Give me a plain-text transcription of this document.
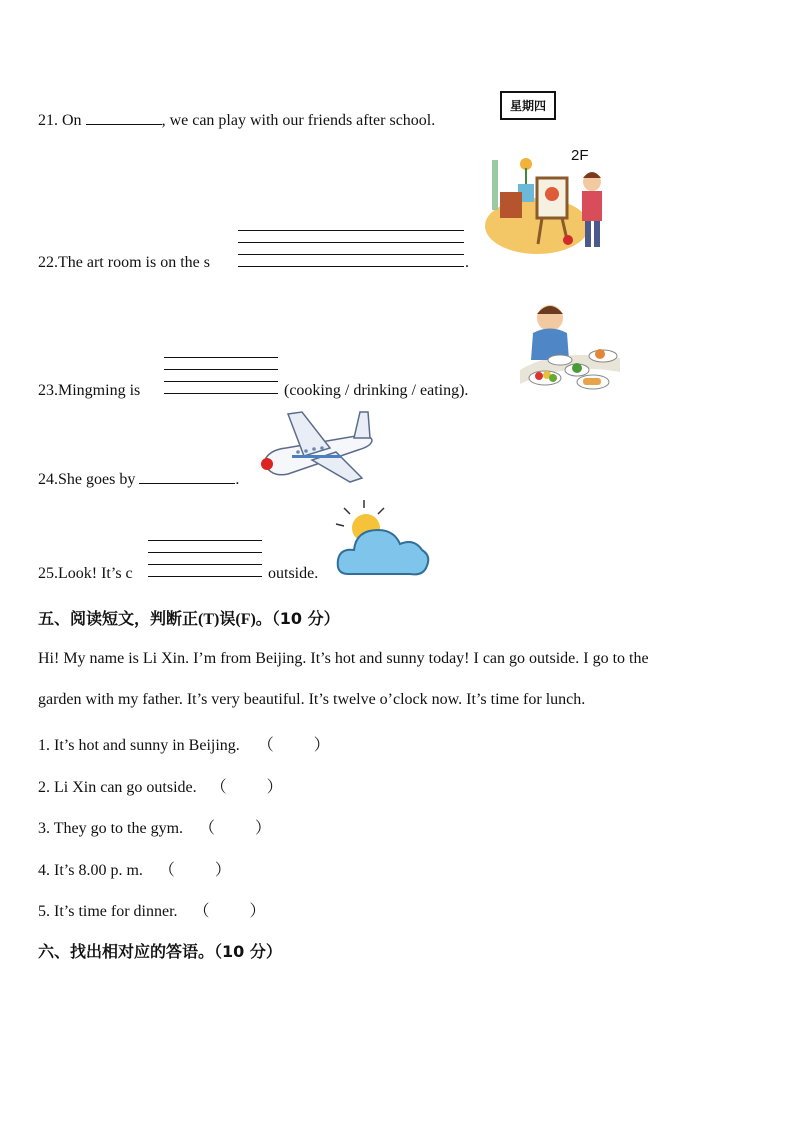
21. On	, we can play with our friends after school.
星期四
2F
22.The art room is on the s	.
23.Mingming is	(cooking / drinking / eating).
24.She goes by	.
25.Look! It’s c	outside.
五、阅读短文，判断正(T)误(F)。（10 分）
Hi! My name is Li Xin. I’m from Beijing. It’s hot and sunny today! I can go outside. I go to the
garden with my father. It’s very beautiful. It’s twelve o’clock now. It’s time for lunch.
1. It’s hot and sunny in Beijing. （	）
2. Li Xin can go outside. （	）
3. They go to the gym. （	）
4. It’s 8.00 p. m. （	）
5. It’s time for dinner. （	）
六、找出相对应的答语。（10 分）
